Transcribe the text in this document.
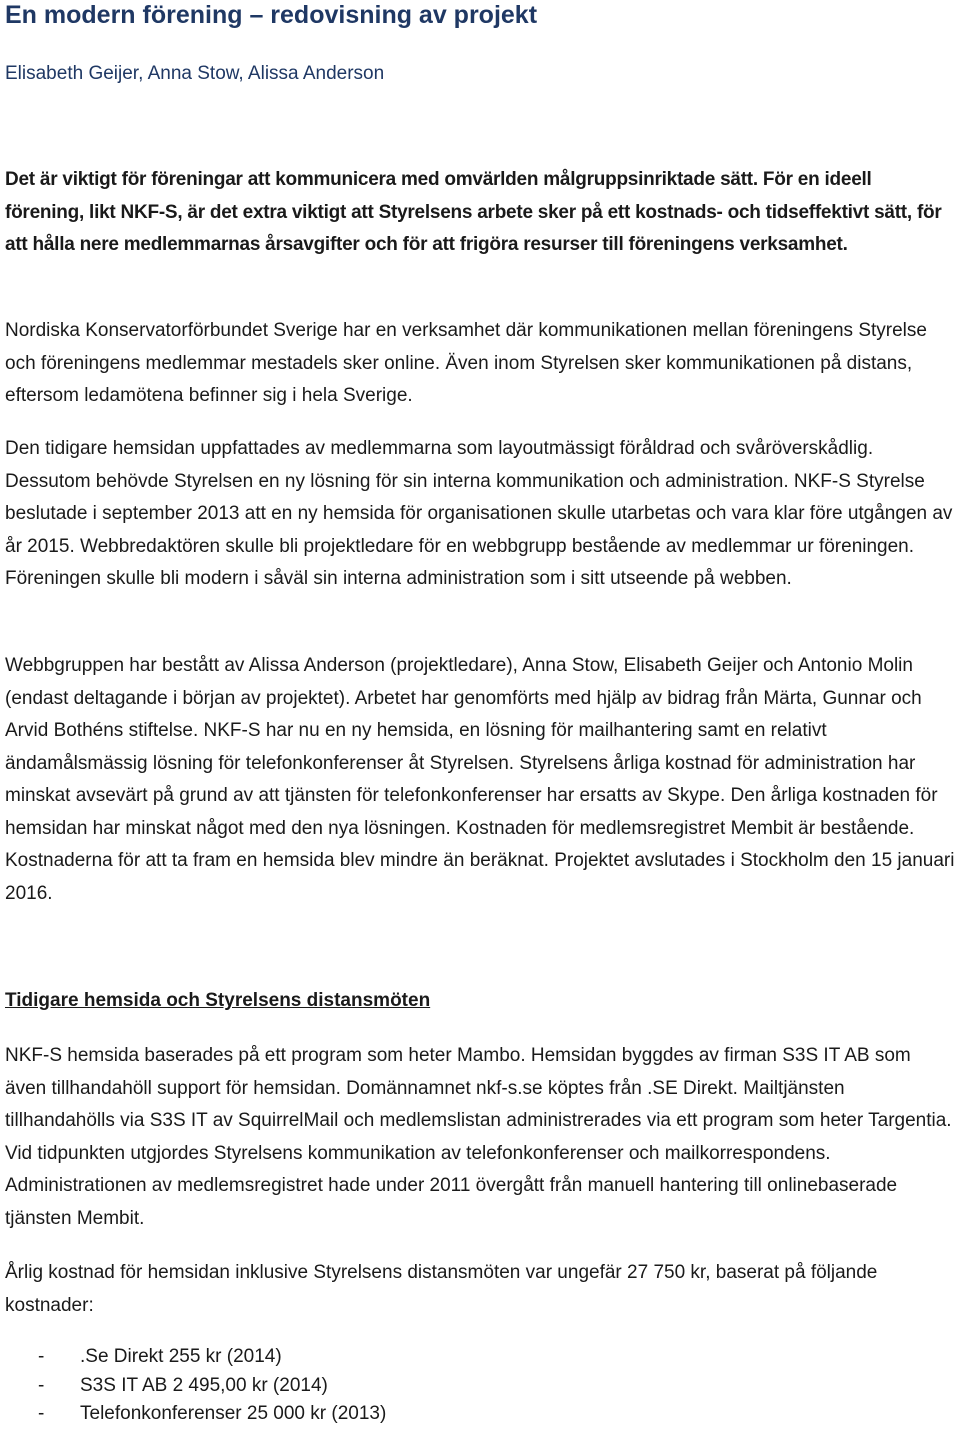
En modern förening – redovisning av projekt

Elisabeth Geijer, Anna Stow, Alissa Anderson

Det är viktigt för föreningar att kommunicera med omvärlden målgruppsinriktade sätt. För en ideell förening, likt NKF-S, är det extra viktigt att Styrelsens arbete sker på ett kostnads- och tidseffektivt sätt, för att hålla nere medlemmarnas årsavgifter och för att frigöra resurser till föreningens verksamhet.

Nordiska Konservatorförbundet Sverige har en verksamhet där kommunikationen mellan föreningens Styrelse och föreningens medlemmar mestadels sker online. Även inom Styrelsen sker kommunikationen på distans, eftersom ledamötena befinner sig i hela Sverige.

Den tidigare hemsidan uppfattades av medlemmarna som layoutmässigt föråldrad och svåröverskådlig. Dessutom behövde Styrelsen en ny lösning för sin interna kommunikation och administration. NKF-S Styrelse beslutade i september 2013 att en ny hemsida för organisationen skulle utarbetas och vara klar före utgången av år 2015. Webbredaktören skulle bli projektledare för en webbgrupp bestående av medlemmar ur föreningen. Föreningen skulle bli modern i såväl sin interna administration som i sitt utseende på webben.

Webbgruppen har bestått av Alissa Anderson (projektledare), Anna Stow, Elisabeth Geijer och Antonio Molin (endast deltagande i början av projektet). Arbetet har genomförts med hjälp av bidrag från Märta, Gunnar och Arvid Bothéns stiftelse. NKF-S har nu en ny hemsida, en lösning för mailhantering samt en relativt ändamålsmässig lösning för telefonkonferenser åt Styrelsen. Styrelsens årliga kostnad för administration har minskat avsevärt på grund av att tjänsten för telefonkonferenser har ersatts av Skype. Den årliga kostnaden för hemsidan har minskat något med den nya lösningen. Kostnaden för medlemsregistret Membit är bestående. Kostnaderna för att ta fram en hemsida blev mindre än beräknat. Projektet avslutades i Stockholm den 15 januari 2016.

Tidigare hemsida och Styrelsens distansmöten

NKF-S hemsida baserades på ett program som heter Mambo. Hemsidan byggdes av firman S3S IT AB som även tillhandahöll support för hemsidan. Domännamnet nkf-s.se köptes från .SE Direkt. Mailtjänsten tillhandahölls via S3S IT av SquirrelMail och medlemslistan administrerades via ett program som heter Targentia. Vid tidpunkten utgjordes Styrelsens kommunikation av telefonkonferenser och mailkorrespondens. Administrationen av medlemsregistret hade under 2011 övergått från manuell hantering till onlinebaserade tjänsten Membit.

Årlig kostnad för hemsidan inklusive Styrelsens distansmöten var ungefär 27 750 kr, baserat på följande kostnader:

- .Se Direkt 255 kr (2014)
- S3S IT AB 2 495,00 kr (2014)
- Telefonkonferenser 25 000 kr (2013)
